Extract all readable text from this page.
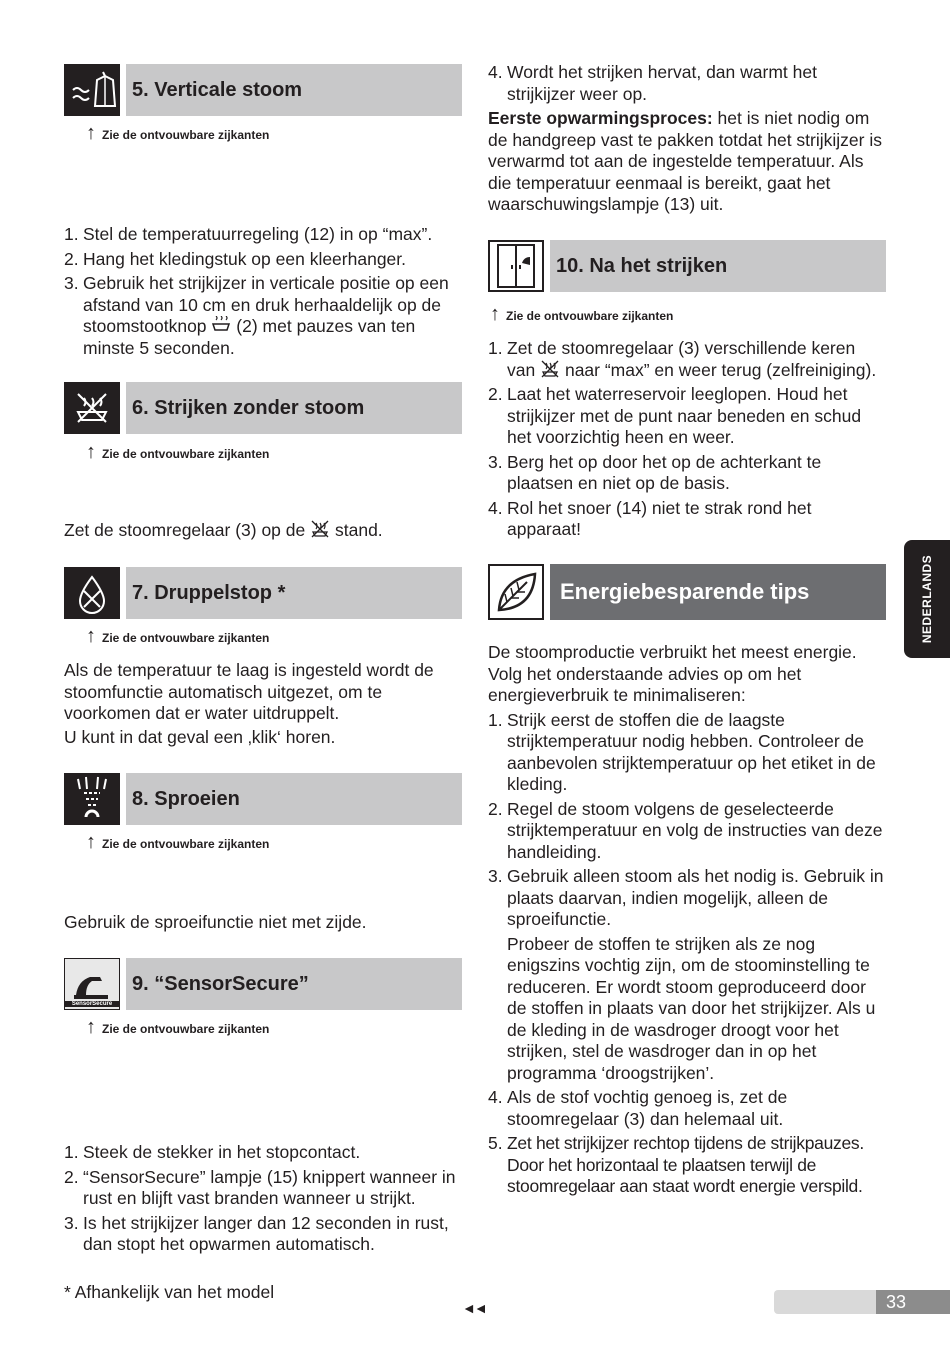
5. Verticale stoom
↑ Zie de ontvouwbare zijkanten
1. Stel de temperatuurregeling (12) in op “max”.
2. Hang het kledingstuk op een kleerhanger.
3. Gebruik het strijkijzer in verticale positie op een afstand van 10 cm en druk herhaaldelijk op de stoomstootknop (2) met pauzes van ten minste 5 seconden.
6. Strijken zonder stoom
↑ Zie de ontvouwbare zijkanten
Zet de stoomregelaar (3) op de stand.
7. Druppelstop *
↑ Zie de ontvouwbare zijkanten

Als de temperatuur te laag is ingesteld wordt de stoomfunctie automatisch uitgezet, om te voorkomen dat er water uitdruppelt.

U kunt in dat geval een ‚klik‘ horen.

8. Sproeien
↑ Zie de ontvouwbare zijkanten
Gebruik de sproeifunctie niet met zijde.
SensorSecure
9. “SensorSecure”
↑ Zie de ontvouwbare zijkanten
1. Steek de stekker in het stopcontact.
2. “SensorSecure” lampje (15) knippert wanneer in rust en blijft vast branden wanneer u strijkt.
3. Is het strijkijzer langer dan 12 seconden in rust, dan stopt het opwarmen automatisch.
* Afhankelijk van het model
4. Wordt het strijken hervat, dan warmt het strijkijzer weer op.

Eerste opwarmingsproces: het is niet nodig om de handgreep vast te pakken totdat het strijkijzer is verwarmd tot aan de ingestelde temperatuur. Als die temperatuur eenmaal is bereikt, gaat het waarschuwingslampje (13) uit.

10. Na het strijken
↑ Zie de ontvouwbare zijkanten
1. Zet de stoomregelaar (3) verschillende keren van naar “max” en weer terug (zelfreiniging).
2. Laat het waterreservoir leeglopen. Houd het strijkijzer met de punt naar beneden en schud het voorzichtig heen en weer.
3. Berg het op door het op de achterkant te plaatsen en niet op de basis.
4. Rol het snoer (14) niet te strak rond het apparaat!
Energiebesparende tips

De stoomproductie verbruikt het meest energie. Volg het onderstaande advies op om het energieverbruik te minimaliseren:

1. Strijk eerst de stoffen die de laagste strijktemperatuur nodig hebben. Controleer de aanbevolen strijktemperatuur op het etiket in de kleding.
2. Regel de stoom volgens de geselecteerde strijktemperatuur en volg de instructies van deze handleiding.
3. Gebruik alleen stoom als het nodig is. Gebruik in plaats daarvan, indien mogelijk, alleen de sproeifunctie.
Probeer de stoffen te strijken als ze nog enigszins vochtig zijn, om de stoominstelling te reduceren. Er wordt stoom geproduceerd door de stoffen in plaats van door het strijkijzer. Als u de kleding in de wasdroger droogt voor het strijken, stel de wasdroger dan in op het programma ‘droogstrijken’.
4. Als de stof vochtig genoeg is, zet de stoomregelaar (3) dan helemaal uit.
5. Zet het strijkijzer rechtop tijdens de strijkpauzes. Door het horizontaal te plaatsen terwijl de stoomregelaar aan staat wordt energie verspild.
NEDERLANDS
◄◄	33
